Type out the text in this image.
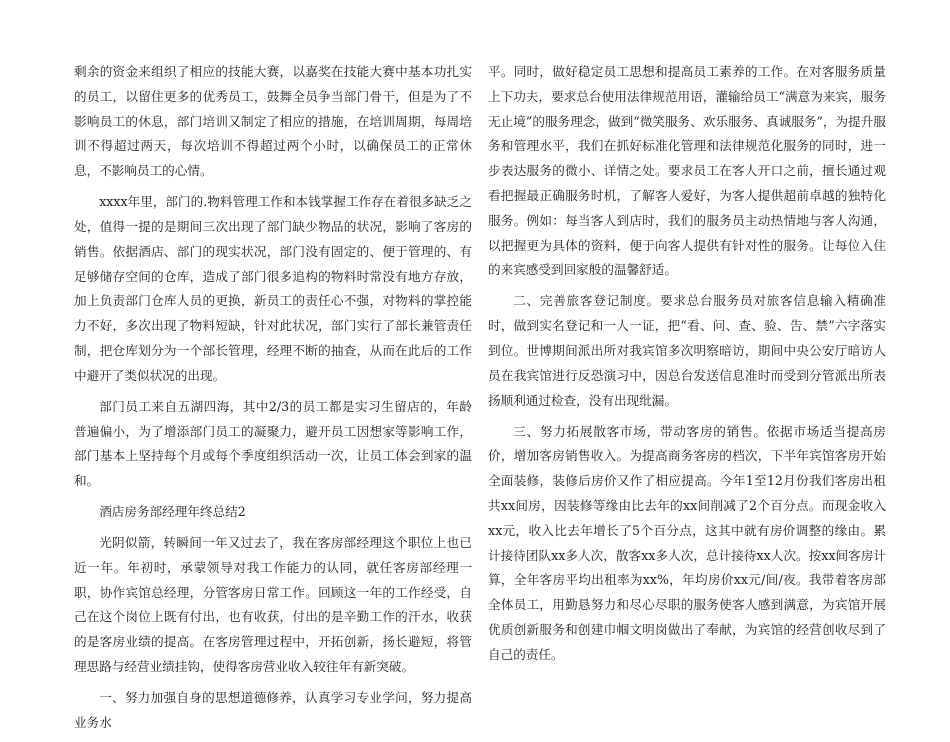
剩余的资金来组织了相应的技能大赛，以嘉奖在技能大赛中基本功扎实的员工，以留住更多的优秀员工，鼓舞全员争当部门骨干，但是为了不影响员工的休息，部门培训又制定了相应的措施，在培训周期，每周培训不得超过两天，每次培训不得超过两个小时，以确保员工的正常休息，不影响员工的心情。

xxxx年里，部门的.物料管理工作和本钱掌握工作存在着很多缺乏之处，值得一提的是期间三次出现了部门缺少物品的状况，影响了客房的销售。依据酒店、部门的现实状况，部门没有固定的、便于管理的、有足够储存空间的仓库，造成了部门很多追构的物料时常没有地方存放，加上负责部门仓库人员的更换，新员工的责任心不强，对物料的掌控能力不好，多次出现了物料短缺，针对此状况，部门实行了部长兼管责任制，把仓库划分为一个部长管理，经理不断的抽查，从而在此后的工作中避开了类似状况的出现。

部门员工来自五湖四海，其中2/3的员工都是实习生留店的，年龄普遍偏小，为了增添部门员工的凝聚力，避开员工因想家等影响工作，部门基本上坚持每个月或每个季度组织活动一次，让员工体会到家的温和。

酒店房务部经理年终总结2

光阴似箭，转瞬间一年又过去了，我在客房部经理这个职位上也已近一年。年初时，承蒙领导对我工作能力的认同，就任客房部经理一职，协作宾馆总经理，分管客房日常工作。回顾这一年的工作经受，自己在这个岗位上既有付出，也有收获，付出的是辛勤工作的汗水，收获的是客房业绩的提高。在客房管理过程中，开拓创新，扬长避短，将管理思路与经营业绩挂钩，使得客房营业收入较往年有新突破。

一、努力加强自身的思想道德修养，认真学习专业学问，努力提高业务水

平。同时，做好稳定员工思想和提高员工素养的工作。在对客服务质量上下功夫，要求总台使用法律规范用语，灌输给员工“满意为来宾，服务无止境”的服务理念，做到“微笑服务、欢乐服务、真诚服务”，为提升服务和管理水平，我们在抓好标准化管理和法律规范化服务的同时，进一步表达服务的微小、详情之处。要求员工在客人开口之前，擅长通过观看把握最正确服务时机，了解客人爱好，为客人提供超前卓越的独特化服务。例如：每当客人到店时，我们的服务员主动热情地与客人沟通，以把握更为具体的资料，便于向客人提供有针对性的服务。让每位入住的来宾感受到回家般的温馨舒适。

二、完善旅客登记制度。要求总台服务员对旅客信息输入精确准时，做到实名登记和一人一证，把“看、问、查、验、告、禁”六字落实到位。世博期间派出所对我宾馆多次明察暗访，期间中央公安厅暗访人员在我宾馆进行反恐演习中，因总台发送信息准时而受到分管派出所表扬顺利通过检查，没有出现纰漏。

三、努力拓展散客市场，带动客房的销售。依据市场适当提高房价，增加客房销售收入。为提高商务客房的档次，下半年宾馆客房开始全面装修，装修后房价又作了相应提高。今年1至12月份我们客房出租共xx间房，因装修等缘由比去年的xx间削减了2个百分点。而现金收入xx元，收入比去年增长了5个百分点，这其中就有房价调整的缘由。累计接待团队xx多人次，散客xx多人次，总计接待xx人次。按xx间客房计算，全年客房平均出租率为xx%，年均房价xx元/间/夜。我带着客房部全体员工，用勤恳努力和尽心尽职的服务使客人感到满意，为宾馆开展优质创新服务和创建巾帼文明岗做出了奉献，为宾馆的经营创收尽到了自己的责任。
